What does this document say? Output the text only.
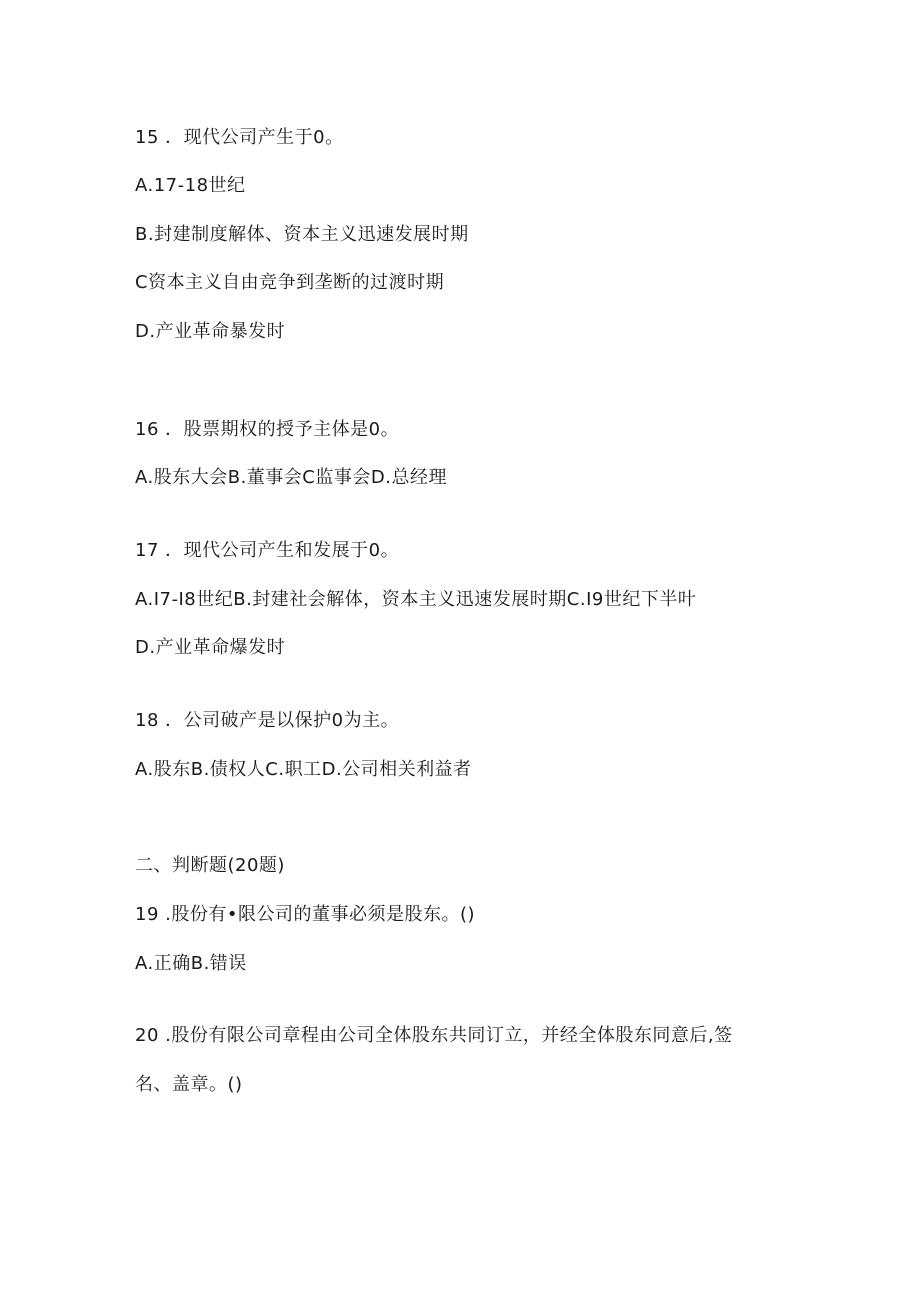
15 ．现代公司产生于0。
A.17-18世纪
B.封建制度解体、资本主义迅速发展时期
C资本主义自由竞争到垄断的过渡时期
D.产业革命暴发时
16 ．股票期权的授予主体是0。
A.股东大会B.董事会C监事会D.总经理
17 ．现代公司产生和发展于0。
A.I7-I8世纪B.封建社会解体，资本主义迅速发展时期C.I9世纪下半叶
D.产业革命爆发时
18 ．公司破产是以保护0为主。
A.股东B.债权人C.职工D.公司相关利益者
二、判断题(20题)
19 .股份有•限公司的董事必须是股东。()
A.正确B.错误
20 .股份有限公司章程由公司全体股东共同订立，并经全体股东同意后,签
名、盖章。()
